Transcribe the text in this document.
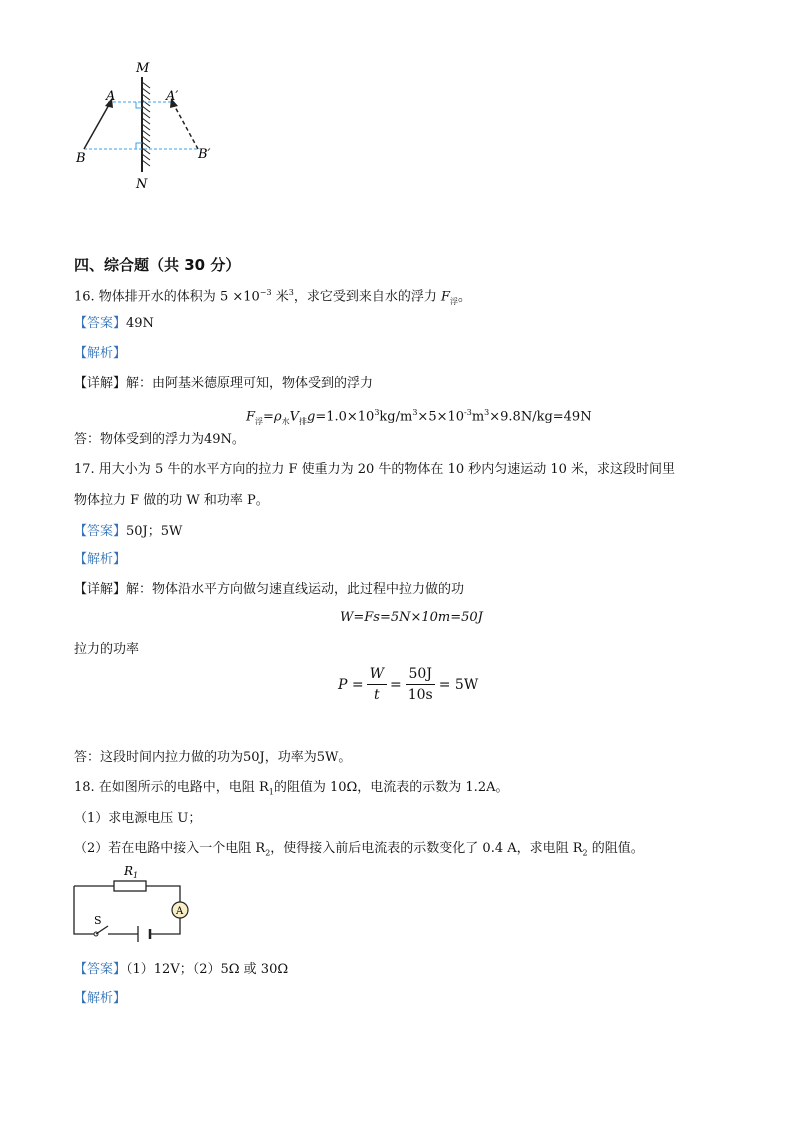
M
N
A	A′
B	B′
四、综合题（共 30 分）
16. 物体排开水的体积为 $5 \times 10^{-3}$ 米$^3$，求它受到来自水的浮力 $F_浮$。
【答案】49N
【解析】
【详解】解：由阿基米德原理可知，物体受到的浮力
$F_浮=\rho_水V_排g=1.0\times 10^3kg/m^3\times 5\times 10^{-3}m^3\times 9.8N/kg=49N$
答：物体受到的浮力为49N。
17. 用大小为 5 牛的水平方向的拉力 F 使重力为 20 牛的物体在 10 秒内匀速运动 10 米，求这段时间里
物体拉力 F 做的功 W 和功率 P。
【答案】50J；5W
【解析】
【详解】解：物体沿水平方向做匀速直线运动，此过程中拉力做的功
W=Fs=5N×10m=50J
拉力的功率
$P = \frac{W}{t} = \frac{50J}{10s} = 5W$
答：这段时间内拉力做的功为50J，功率为5W。
18. 在如图所示的电路中，电阻 $R_1$的阻值为 10Ω，电流表的示数为 1.2A。
（1）求电源电压 U；
（2）若在电路中接入一个电阻 $R_2$，使得接入前后电流表的示数变化了 0.4 A，求电阻 $R_2$ 的阻值。
$R_1$
A
S
【答案】（1）12V；（2）5Ω 或 30Ω
【解析】
